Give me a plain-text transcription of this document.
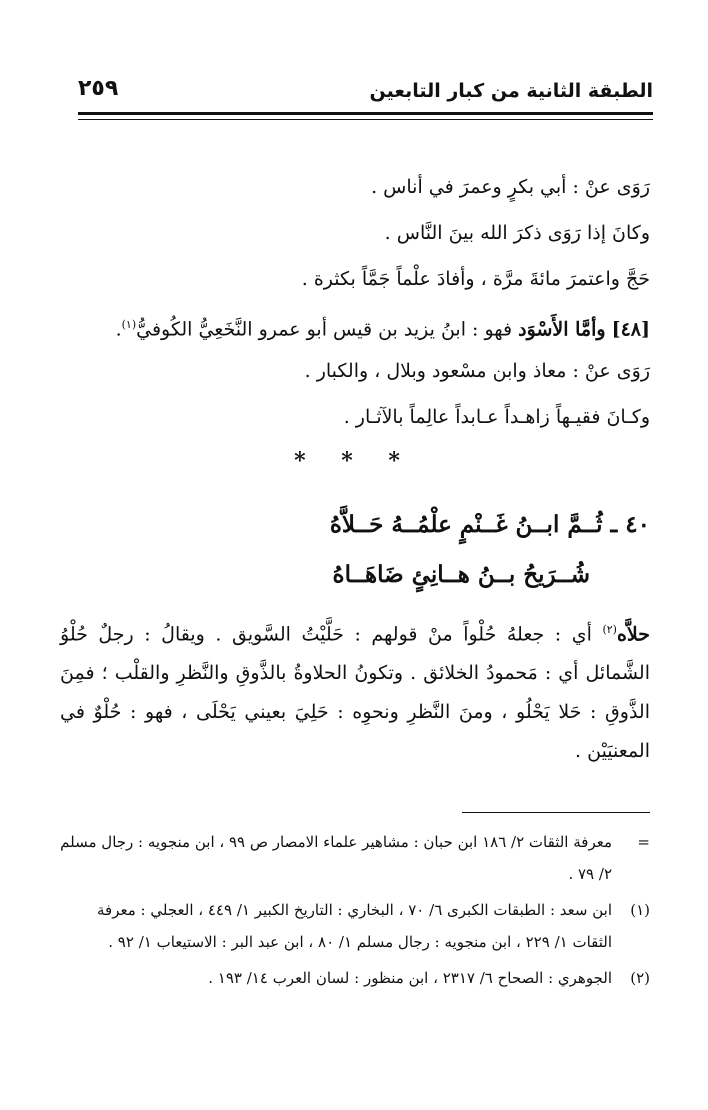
الطبقة الثانية من كبار التابعين
٢٥٩
رَوَى عنْ : أبي بكرٍ وعمرَ في أناس .
وكانَ إذا رَوَى ذكرَ الله بينَ النَّاس .
حَجَّ واعتمرَ مائةَ مرَّة ، وأفادَ علْماً جَمَّاً بكثرة .
[٤٨] وأمَّا الأَسْوَد فهو : ابنُ يزيد بن قيس أبو عمرو النَّخَعِيُّ الكُوفيُّ$^{(١)}$.
رَوَى عنْ : معاذ وابن مسْعود وبلال ، والكبار .
وكـانَ فقيـهاً زاهـداً عـابداً عالِماً بالآثـار .
* * *
٤٠ ـ ثُــمَّ ابــنُ غَــنْمٍ علْمُــهُ حَــلاَّهُ
شُــرَيحُ بــنُ هــانِئٍ ضَاهَــاهُ
حلاَّه$^{(٢)}$ أي : جعلهُ حُلْواً منْ قولهم : حَلَّيْتُ السَّويق . ويقالُ : رجلٌ حُلْوُ الشَّمائل أي : مَحمودُ الخلائق . وتكونُ الحلاوةُ بالذَّوقِ والنَّظرِ والقلْب ؛ فمِنَ الذَّوقِ : حَلا يَحْلُو ، ومنَ النَّظرِ ونحوِه : حَلِيَ بعيني يَحْلَى ، فهو : حُلْوٌ في المعنيَيْن .
=
معرفة الثقات ٢/ ١٨٦ ابن حبان : مشاهير علماء الامصار ص ٩٩ ، ابن منجويه : رجال مسلم ٢/ ٧٩ .
(١)
ابن سعد : الطبقات الكبرى ٦/ ٧٠ ، البخاري : التاريخ الكبير ١/ ٤٤٩ ، العجلي : معرفة الثقات ١/ ٢٢٩ ، ابن منجويه : رجال مسلم ١/ ٨٠ ، ابن عبد البر : الاستيعاب ١/ ٩٢ .
(٢)
الجوهري : الصحاح ٦/ ٢٣١٧ ، ابن منظور : لسان العرب ١٤/ ١٩٣ .
